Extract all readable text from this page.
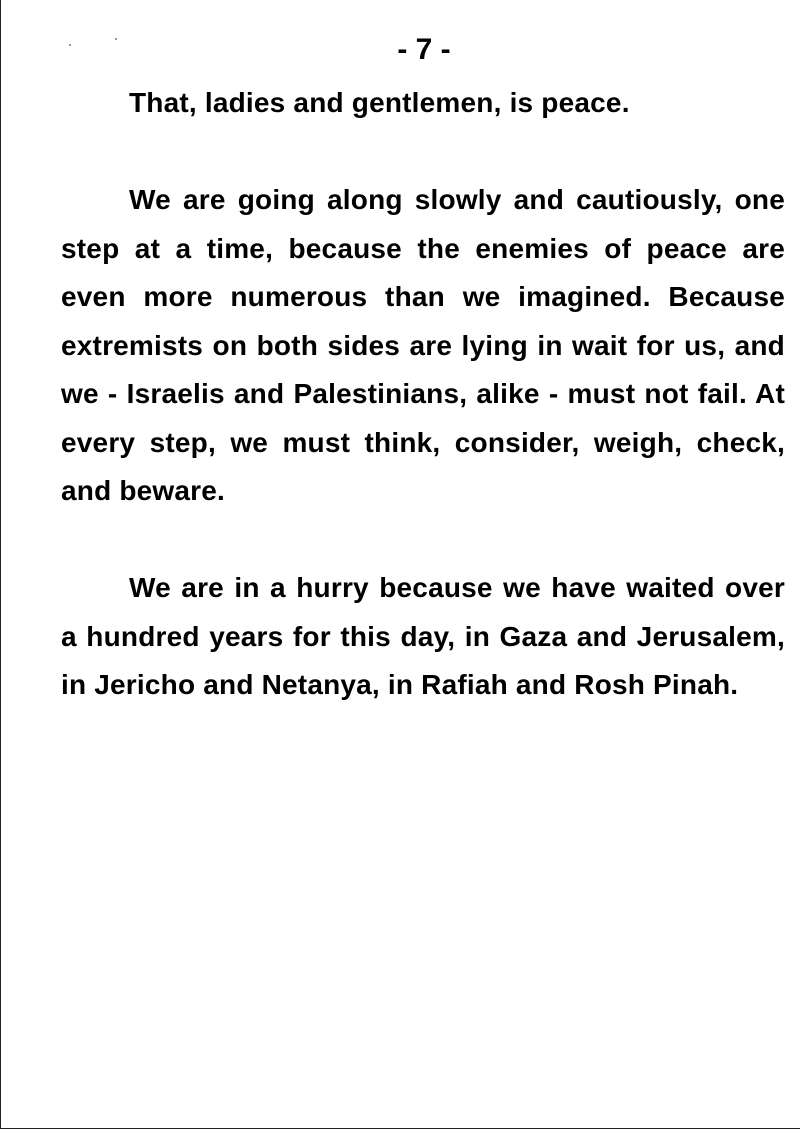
- 7 -

That, ladies and gentlemen, is peace.

We are going along slowly and cautiously, one step at a time, because the enemies of peace are even more numerous than we imagined. Because extremists on both sides are lying in wait for us, and we - Israelis and Palestinians, alike - must not fail. At every step, we must think, consider, weigh, check, and beware.

We are in a hurry because we have waited over a hundred years for this day, in Gaza and Jerusalem, in Jericho and Netanya, in Rafiah and Rosh Pinah.
